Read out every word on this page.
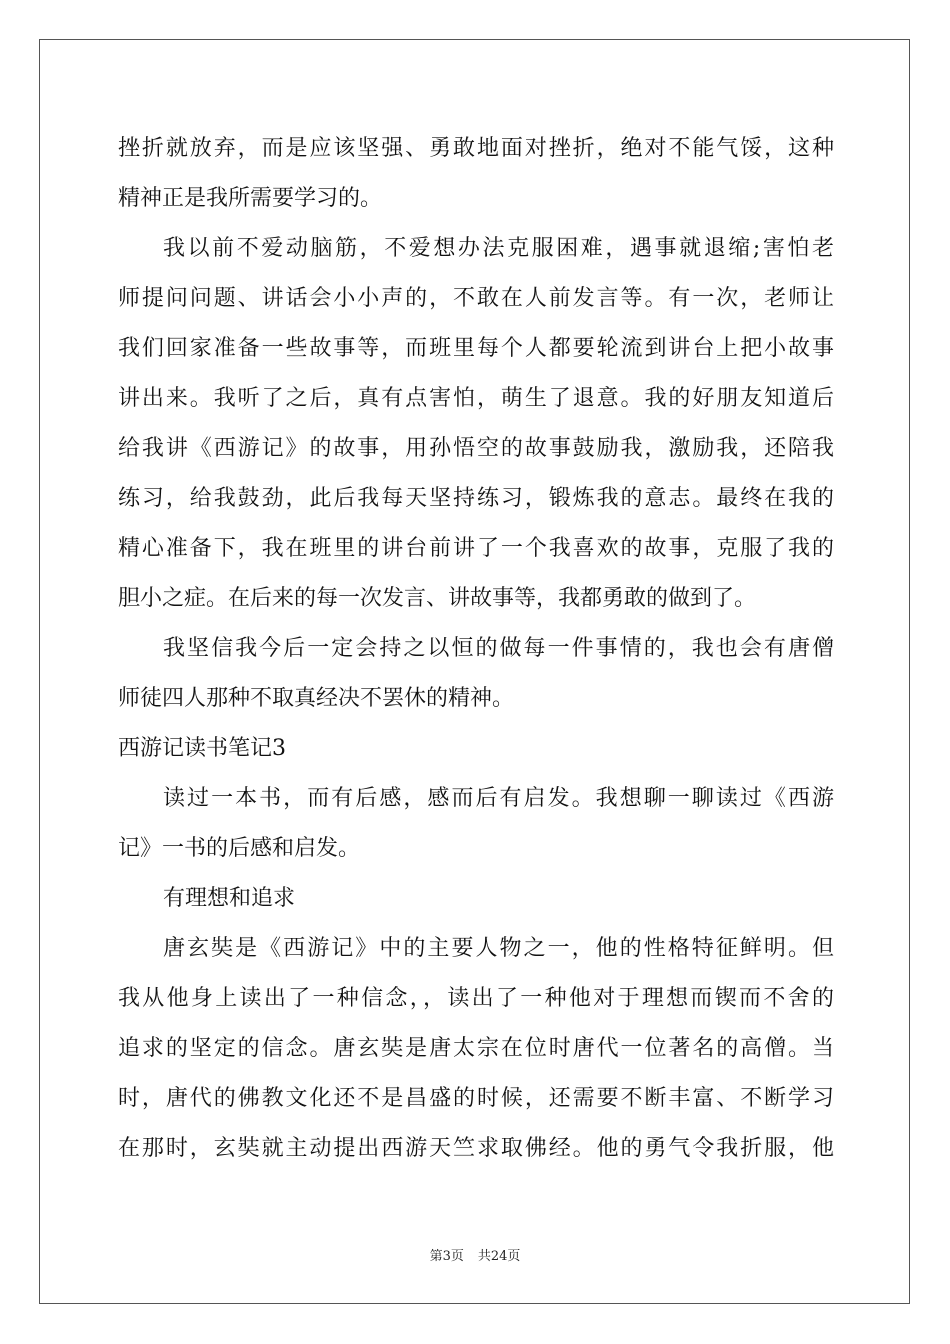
挫折就放弃，而是应该坚强、勇敢地面对挫折，绝对不能气馁，这种
精神正是我所需要学习的。
我以前不爱动脑筋，不爱想办法克服困难，遇事就退缩;害怕老
师提问问题、讲话会小小声的，不敢在人前发言等。有一次，老师让
我们回家准备一些故事等，而班里每个人都要轮流到讲台上把小故事
讲出来。我听了之后，真有点害怕，萌生了退意。我的好朋友知道后
给我讲《西游记》的故事，用孙悟空的故事鼓励我，激励我，还陪我
练习，给我鼓劲，此后我每天坚持练习，锻炼我的意志。最终在我的
精心准备下，我在班里的讲台前讲了一个我喜欢的故事，克服了我的
胆小之症。在后来的每一次发言、讲故事等，我都勇敢的做到了。
我坚信我今后一定会持之以恒的做每一件事情的，我也会有唐僧
师徒四人那种不取真经决不罢休的精神。
西游记读书笔记3
读过一本书，而有后感，感而后有启发。我想聊一聊读过《西游
记》一书的后感和启发。
有理想和追求
唐玄奘是《西游记》中的主要人物之一，他的性格特征鲜明。但
我从他身上读出了一种信念，，读出了一种他对于理想而锲而不舍的
追求的坚定的信念。唐玄奘是唐太宗在位时唐代一位著名的高僧。当
时，唐代的佛教文化还不是昌盛的时候，还需要不断丰富、不断学习
在那时，玄奘就主动提出西游天竺求取佛经。他的勇气令我折服，他
第3页 共24页
